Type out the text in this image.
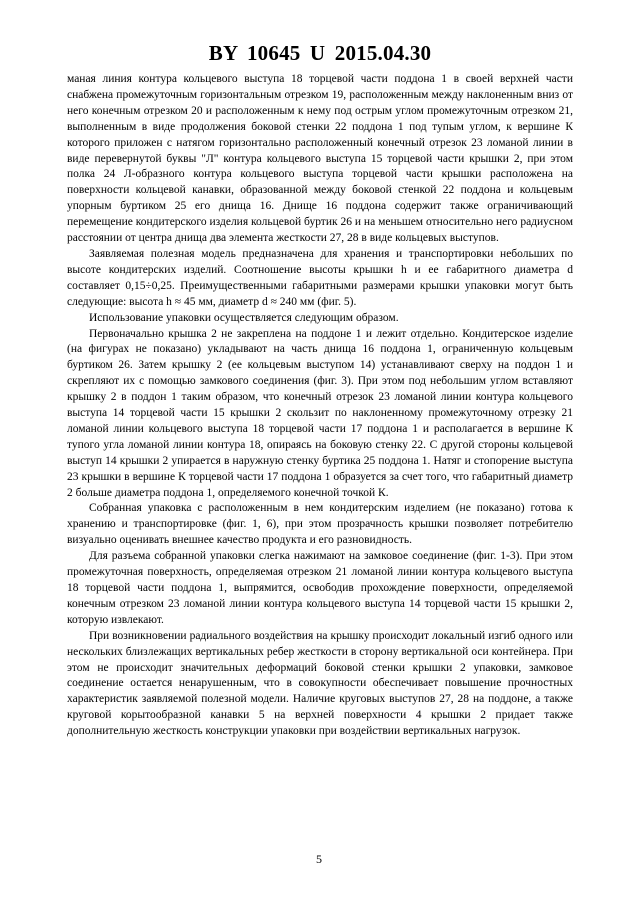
BY 10645 U 2015.04.30

маная линия контура кольцевого выступа 18 торцевой части поддона 1 в своей верхней части снабжена промежуточным горизонтальным отрезком 19, расположенным между наклоненным вниз от него конечным отрезком 20 и расположенным к нему под острым углом промежуточным отрезком 21, выполненным в виде продолжения боковой стенки 22 поддона 1 под тупым углом, к вершине К которого приложен с натягом горизонтально расположенный конечный отрезок 23 ломаной линии в виде перевернутой буквы "Л" контура кольцевого выступа 15 торцевой части крышки 2, при этом полка 24 Л-образного контура кольцевого выступа торцевой части крышки расположена на поверхности кольцевой канавки, образованной между боковой стенкой 22 поддона и кольцевым упорным буртиком 25 его днища 16. Днище 16 поддона содержит также ограничивающий перемещение кондитерского изделия кольцевой буртик 26 и на меньшем относительно него радиусном расстоянии от центра днища два элемента жесткости 27, 28 в виде кольцевых выступов.

Заявляемая полезная модель предназначена для хранения и транспортировки небольших по высоте кондитерских изделий. Соотношение высоты крышки h и ее габаритного диаметра d составляет 0,15÷0,25. Преимущественными габаритными размерами крышки упаковки могут быть следующие: высота h ≈ 45 мм, диаметр d ≈ 240 мм (фиг. 5).

Использование упаковки осуществляется следующим образом.

Первоначально крышка 2 не закреплена на поддоне 1 и лежит отдельно. Кондитерское изделие (на фигурах не показано) укладывают на часть днища 16 поддона 1, ограниченную кольцевым буртиком 26. Затем крышку 2 (ее кольцевым выступом 14) устанавливают сверху на поддон 1 и скрепляют их с помощью замкового соединения (фиг. 3). При этом под небольшим углом вставляют крышку 2 в поддон 1 таким образом, что конечный отрезок 23 ломаной линии контура кольцевого выступа 14 торцевой части 15 крышки 2 скользит по наклоненному промежуточному отрезку 21 ломаной линии кольцевого выступа 18 торцевой части 17 поддона 1 и располагается в вершине К тупого угла ломаной линии контура 18, опираясь на боковую стенку 22. С другой стороны кольцевой выступ 14 крышки 2 упирается в наружную стенку буртика 25 поддона 1. Натяг и стопорение выступа 23 крышки в вершине К торцевой части 17 поддона 1 образуется за счет того, что габаритный диаметр 2 больше диаметра поддона 1, определяемого конечной точкой К.

Собранная упаковка с расположенным в нем кондитерским изделием (не показано) готова к хранению и транспортировке (фиг. 1, 6), при этом прозрачность крышки позволяет потребителю визуально оценивать внешнее качество продукта и его разновидность.

Для разъема собранной упаковки слегка нажимают на замковое соединение (фиг. 1-3). При этом промежуточная поверхность, определяемая отрезком 21 ломаной линии контура кольцевого выступа 18 торцевой части поддона 1, выпрямится, освободив прохождение поверхности, определяемой конечным отрезком 23 ломаной линии контура кольцевого выступа 14 торцевой части 15 крышки 2, которую извлекают.

При возникновении радиального воздействия на крышку происходит локальный изгиб одного или нескольких близлежащих вертикальных ребер жесткости в сторону вертикальной оси контейнера. При этом не происходит значительных деформаций боковой стенки крышки 2 упаковки, замковое соединение остается ненарушенным, что в совокупности обеспечивает повышение прочностных характеристик заявляемой полезной модели. Наличие круговых выступов 27, 28 на поддоне, а также круговой корытообразной канавки 5 на верхней поверхности 4 крышки 2 придает также дополнительную жесткость конструкции упаковки при воздействии вертикальных нагрузок.

5
